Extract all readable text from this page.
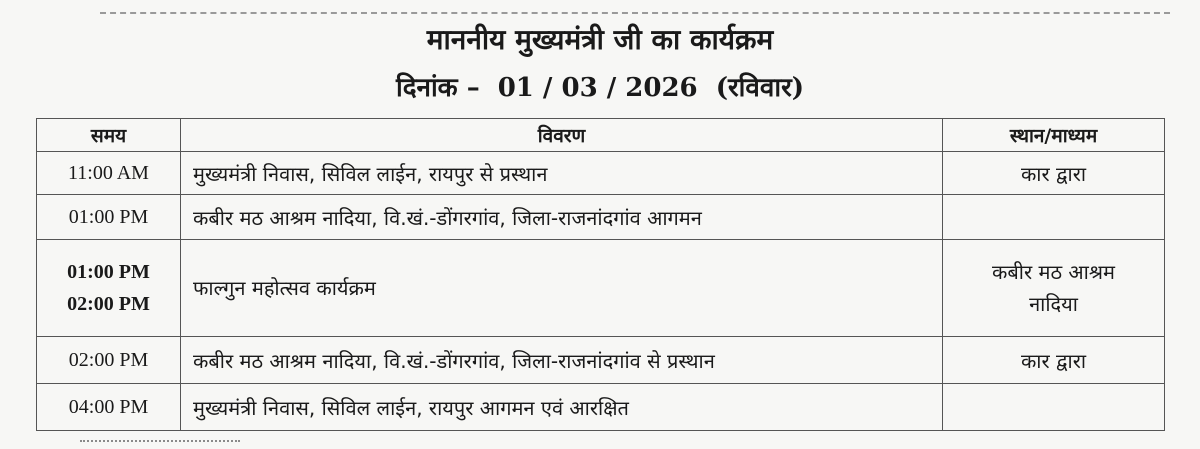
माननीय मुख्यमंत्री जी का कार्यक्रम
दिनांक – 01 / 03 / 2026 (रविवार)
समय	विवरण	स्थान/माध्यम
11:00 AM	मुख्यमंत्री निवास, सिविल लाईन, रायपुर से प्रस्थान	कार द्वारा
01:00 PM	कबीर मठ आश्रम नादिया, वि.खं.-डोंगरगांव, जिला-राजनांदगांव आगमन	

01:00 PM
02:00 PM	फाल्गुन महोत्सव कार्यक्रम	कबीर मठ आश्रम
नादिया

02:00 PM	कबीर मठ आश्रम नादिया, वि.खं.-डोंगरगांव, जिला-राजनांदगांव से प्रस्थान	कार द्वारा
04:00 PM	मुख्यमंत्री निवास, सिविल लाईन, रायपुर आगमन एवं आरक्षित	
